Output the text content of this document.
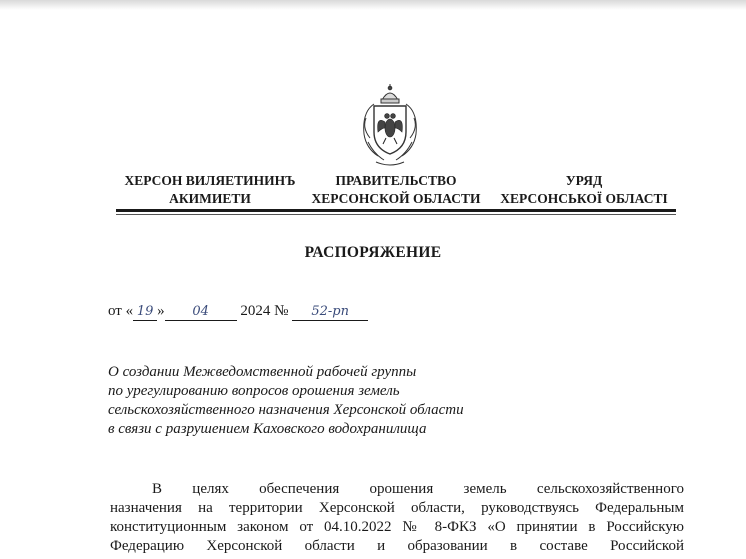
ХЕРСОН ВИЛЯЕТИНИНЪ
АКИМИЕТИ
ПРАВИТЕЛЬСТВО
ХЕРСОНСКОЙ ОБЛАСТИ
УРЯД
ХЕРСОНСЬКОЇ ОБЛАСТІ
РАСПОРЯЖЕНИЕ
от « 19 » 04 2024 № 52-рп
О создании Межведомственной рабочей группы
по урегулированию вопросов орошения земель
сельскохозяйственного назначения Херсонской области
в связи с разрушением Каховского водохранилища
В целях обеспечения орошения земель сельскохозяйственного
назначения на территории Херсонской области, руководствуясь Федеральным
конституционным законом от 04.10.2022 № 8-ФКЗ «О принятии в Российскую
Федерацию Херсонской области и образовании в составе Российской
